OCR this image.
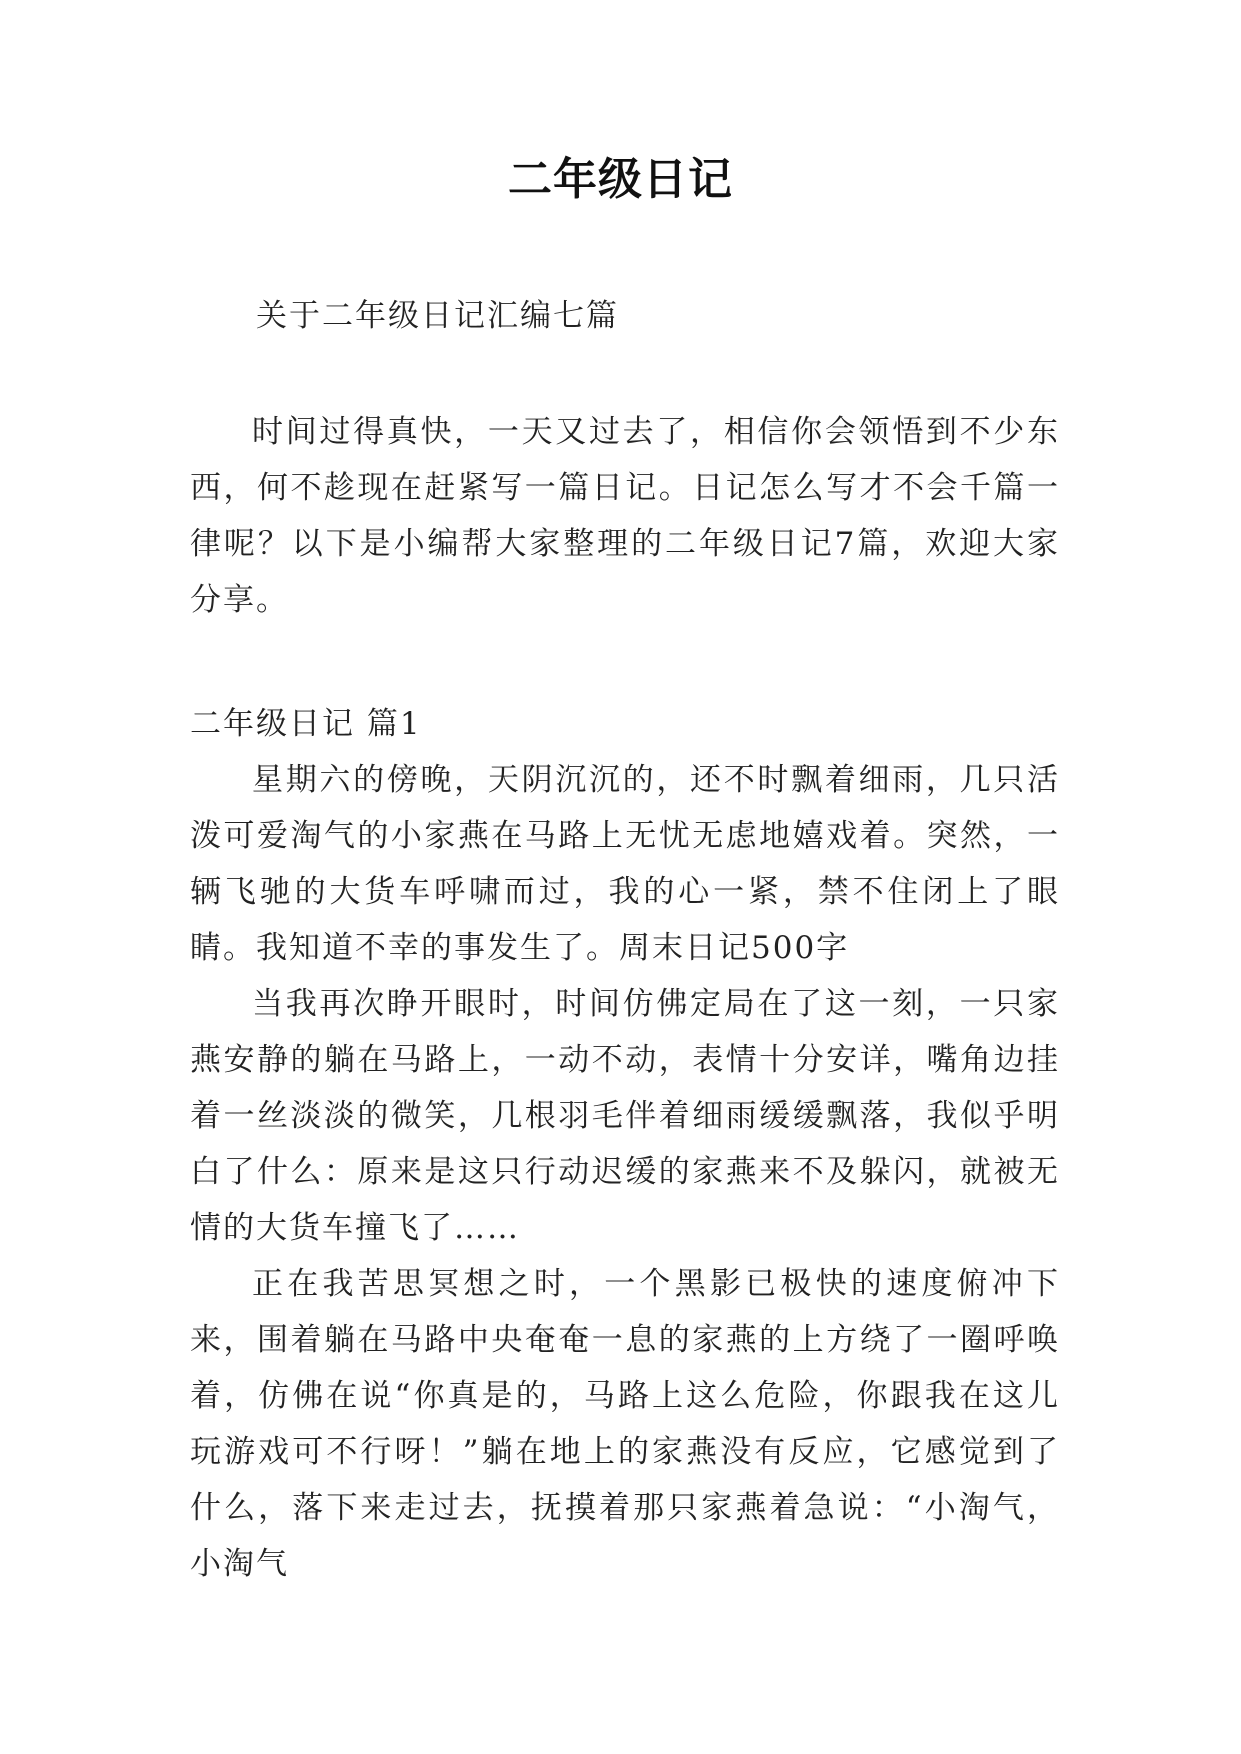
二年级日记
关于二年级日记汇编七篇

时间过得真快，一天又过去了，相信你会领悟到不少东西，何不趁现在赶紧写一篇日记。日记怎么写才不会千篇一律呢？以下是小编帮大家整理的二年级日记7篇，欢迎大家分享。

二年级日记 篇1

星期六的傍晚，天阴沉沉的，还不时飘着细雨，几只活泼可爱淘气的小家燕在马路上无忧无虑地嬉戏着。突然，一辆飞驰的大货车呼啸而过，我的心一紧，禁不住闭上了眼睛。我知道不幸的事发生了。周末日记500字

当我再次睁开眼时，时间仿佛定局在了这一刻，一只家燕安静的躺在马路上，一动不动，表情十分安详，嘴角边挂着一丝淡淡的微笑，几根羽毛伴着细雨缓缓飘落，我似乎明白了什么：原来是这只行动迟缓的家燕来不及躲闪，就被无情的大货车撞飞了……

正在我苦思冥想之时，一个黑影已极快的速度俯冲下来，围着躺在马路中央奄奄一息的家燕的上方绕了一圈呼唤着，仿佛在说“你真是的，马路上这么危险，你跟我在这儿玩游戏可不行呀！”躺在地上的家燕没有反应，它感觉到了什么，落下来走过去，抚摸着那只家燕着急说：“小淘气，小淘气
